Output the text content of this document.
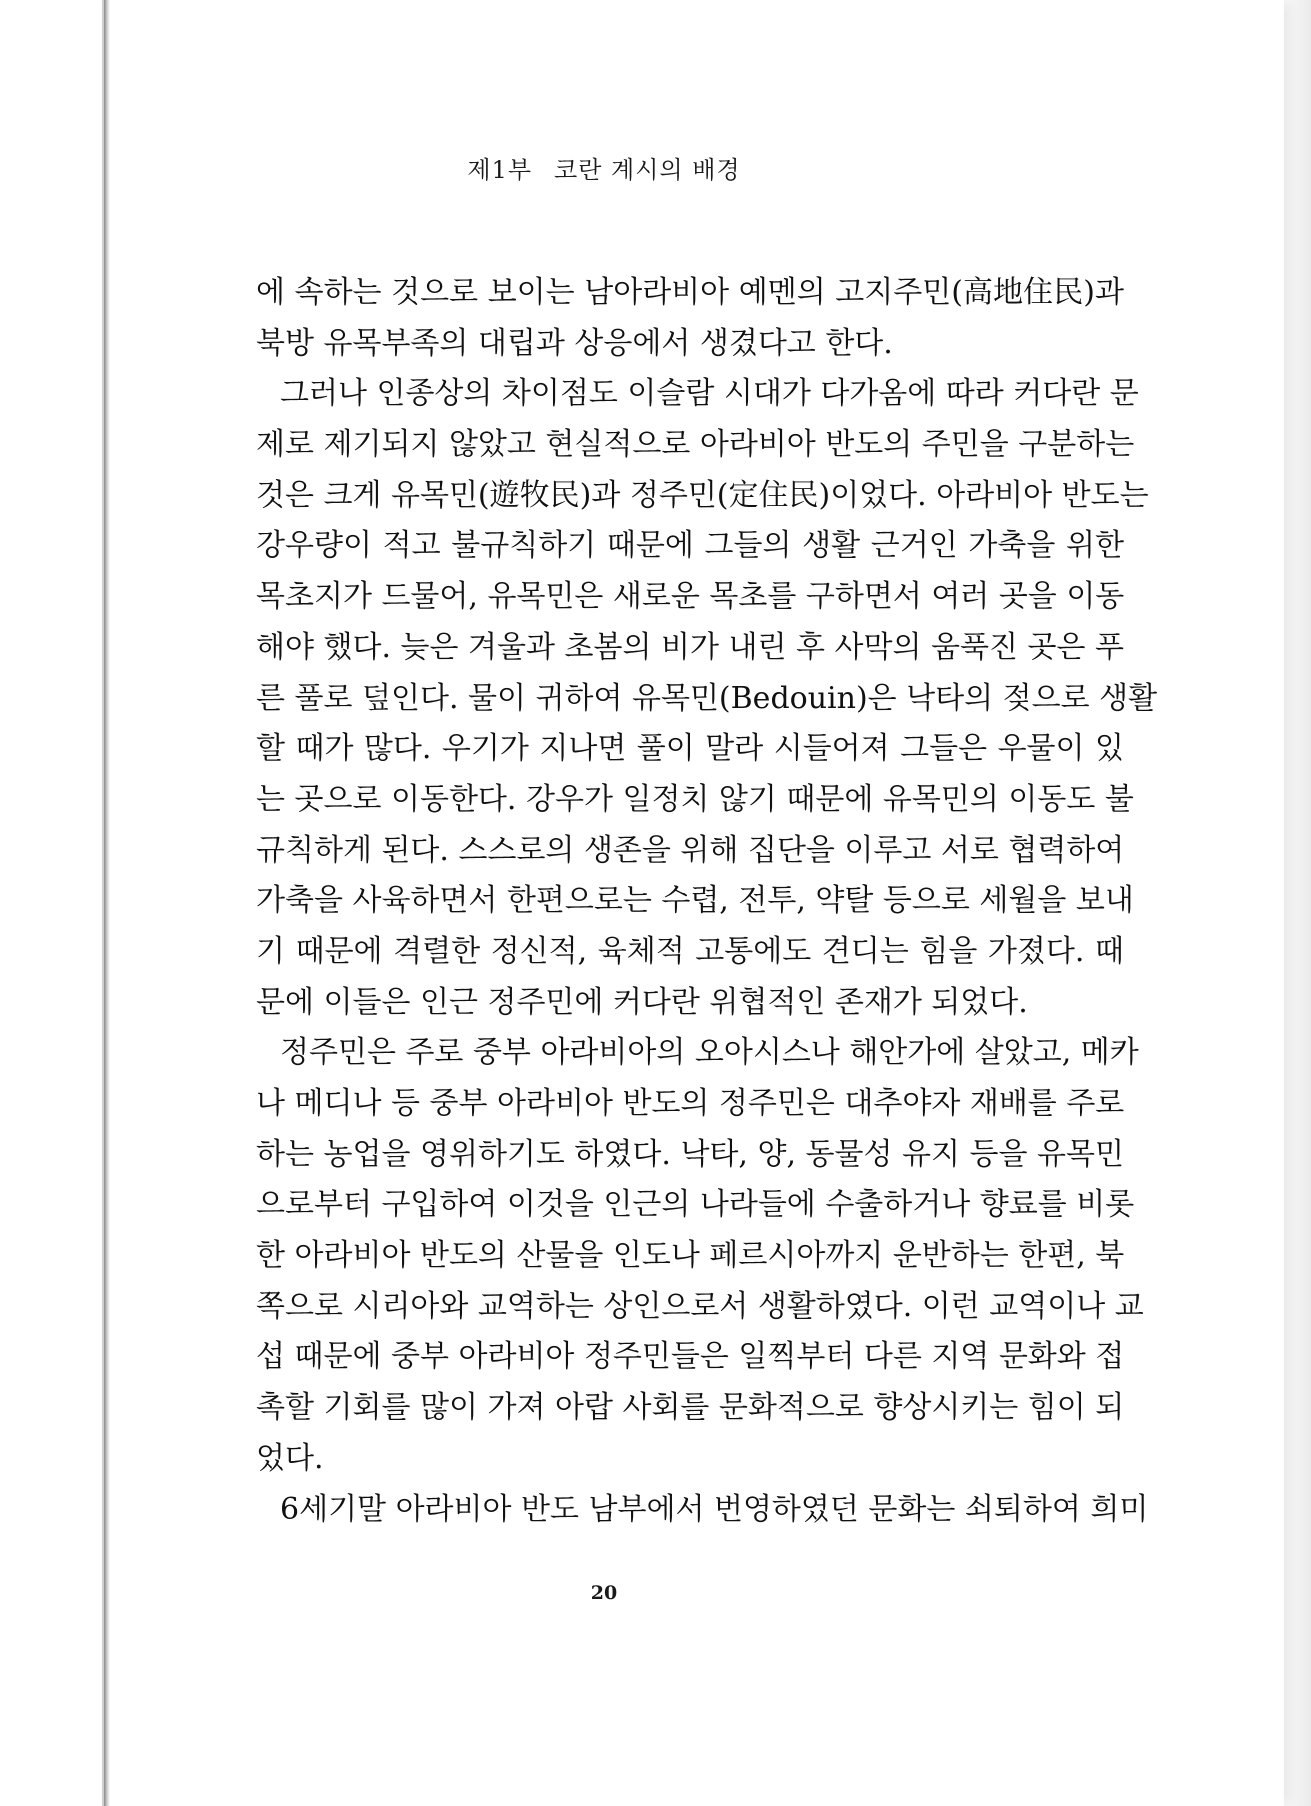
제1부 코란 계시의 배경
에 속하는 것으로 보이는 남아라비아 예멘의 고지주민(高地住民)과
북방 유목부족의 대립과 상응에서 생겼다고 한다.
그러나 인종상의 차이점도 이슬람 시대가 다가옴에 따라 커다란 문
제로 제기되지 않았고 현실적으로 아라비아 반도의 주민을 구분하는
것은 크게 유목민(遊牧民)과 정주민(定住民)이었다. 아라비아 반도는
강우량이 적고 불규칙하기 때문에 그들의 생활 근거인 가축을 위한
목초지가 드물어, 유목민은 새로운 목초를 구하면서 여러 곳을 이동
해야 했다. 늦은 겨울과 초봄의 비가 내린 후 사막의 움푹진 곳은 푸
른 풀로 덮인다. 물이 귀하여 유목민(Bedouin)은 낙타의 젖으로 생활
할 때가 많다. 우기가 지나면 풀이 말라 시들어져 그들은 우물이 있
는 곳으로 이동한다. 강우가 일정치 않기 때문에 유목민의 이동도 불
규칙하게 된다. 스스로의 생존을 위해 집단을 이루고 서로 협력하여
가축을 사육하면서 한편으로는 수렵, 전투, 약탈 등으로 세월을 보내
기 때문에 격렬한 정신적, 육체적 고통에도 견디는 힘을 가졌다. 때
문에 이들은 인근 정주민에 커다란 위협적인 존재가 되었다.
정주민은 주로 중부 아라비아의 오아시스나 해안가에 살았고, 메카
나 메디나 등 중부 아라비아 반도의 정주민은 대추야자 재배를 주로
하는 농업을 영위하기도 하였다. 낙타, 양, 동물성 유지 등을 유목민
으로부터 구입하여 이것을 인근의 나라들에 수출하거나 향료를 비롯
한 아라비아 반도의 산물을 인도나 페르시아까지 운반하는 한편, 북
쪽으로 시리아와 교역하는 상인으로서 생활하였다. 이런 교역이나 교
섭 때문에 중부 아라비아 정주민들은 일찍부터 다른 지역 문화와 접
촉할 기회를 많이 가져 아랍 사회를 문화적으로 향상시키는 힘이 되
었다.
6세기말 아라비아 반도 남부에서 번영하였던 문화는 쇠퇴하여 희미
20
